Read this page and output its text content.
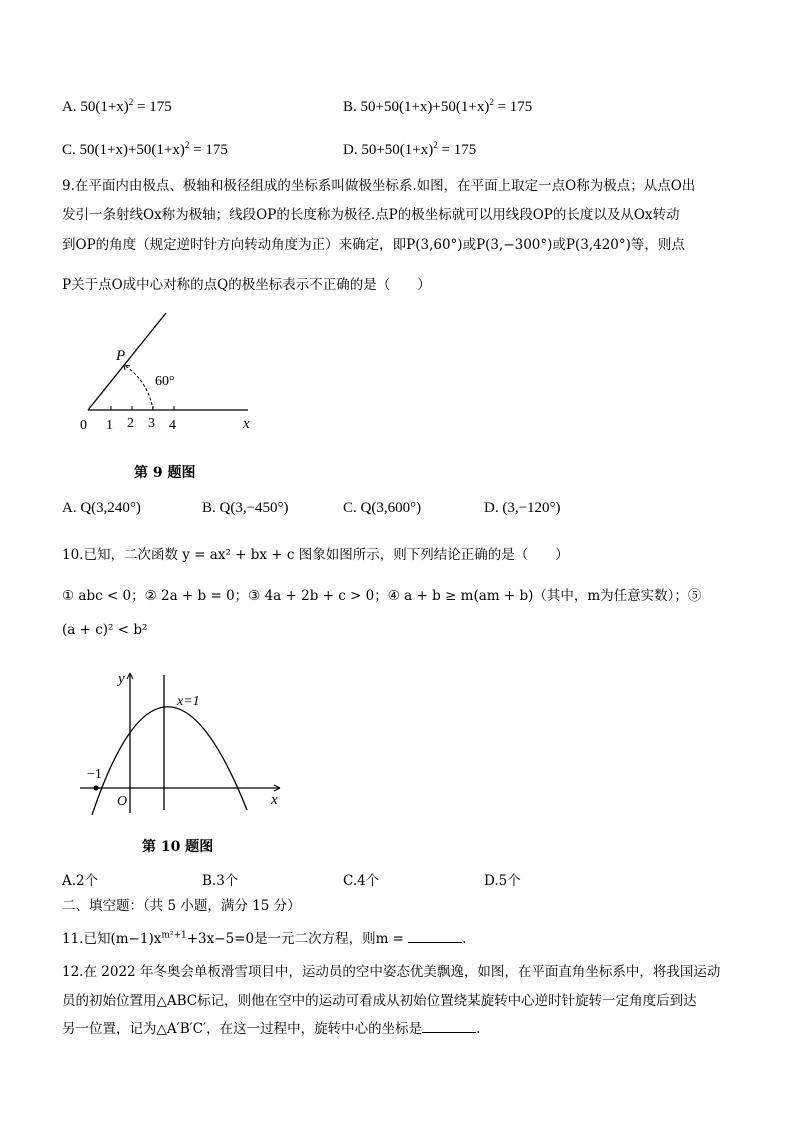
A. $50(1+x)^2 = 175$	B. $50+50(1+x)+50(1+x)^2 = 175$
C. $50(1+x)+50(1+x)^2 = 175$	D. $50+50(1+x)^2 = 175$
9.在平面内由极点、极轴和极径组成的坐标系叫做极坐标系.如图，在平面上取定一点O称为极点；从点O出
发引一条射线Ox称为极轴；线段OP的长度称为极径.点P的极坐标就可以用线段OP的长度以及从Ox转动
到OP的角度（规定逆时针方向转动角度为正）来确定，即P(3,60°)或P(3,−300°)或P(3,420°)等，则点
P关于点O成中心对称的点Q的极坐标表示不正确的是（　　）
P
60°
x
0 1 2 3 4
第 9 题图
A. Q(3,240°)	B. Q(3,−450°)	C. Q(3,600°)	D. (3,−120°)
10.已知，二次函数 y = ax² + bx + c 图象如图所示，则下列结论正确的是（　　）
① abc < 0；② 2a + b = 0；③ 4a + 2b + c > 0；④ a + b ≥ m(am + b)（其中，m为任意实数）；⑤
(a + c)² < b²
y
x
O
−1
x=1
第 10 题图
A.2个	B.3个	C.4个	D.5个
二、填空题：（共 5 小题，满分 15 分）
11.已知$(m-1)x^{m^2+1}+3x-5=0$是一元二次方程，则m =	.
12.在 2022 年冬奥会单板滑雪项目中，运动员的空中姿态优美飘逸，如图，在平面直角坐标系中，将我国运动
员的初始位置用△ABC标记，则他在空中的运动可看成从初始位置绕某旋转中心逆时针旋转一定角度后到达
另一位置，记为△A′B′C′，在这一过程中，旋转中心的坐标是	.
